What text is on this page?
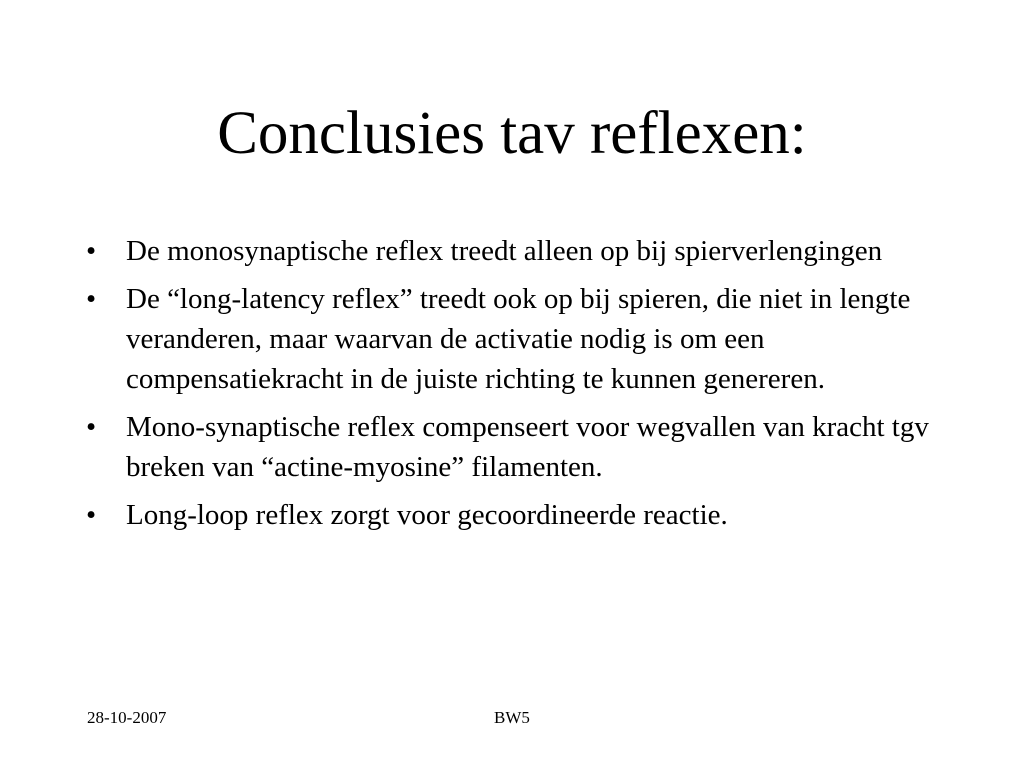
Conclusies tav reflexen:
•	De monosynaptische reflex treedt alleen op bij spierverlengingen
•	De “long-latency reflex” treedt ook op bij spieren, die niet in lengte veranderen, maar waarvan de activatie nodig is om een compensatiekracht in de juiste richting te kunnen genereren.
•	Mono-synaptische reflex compenseert voor wegvallen van kracht tgv breken van “actine-myosine” filamenten.
•	Long-loop reflex zorgt voor gecoordineerde reactie.
28-10-2007	BW5
